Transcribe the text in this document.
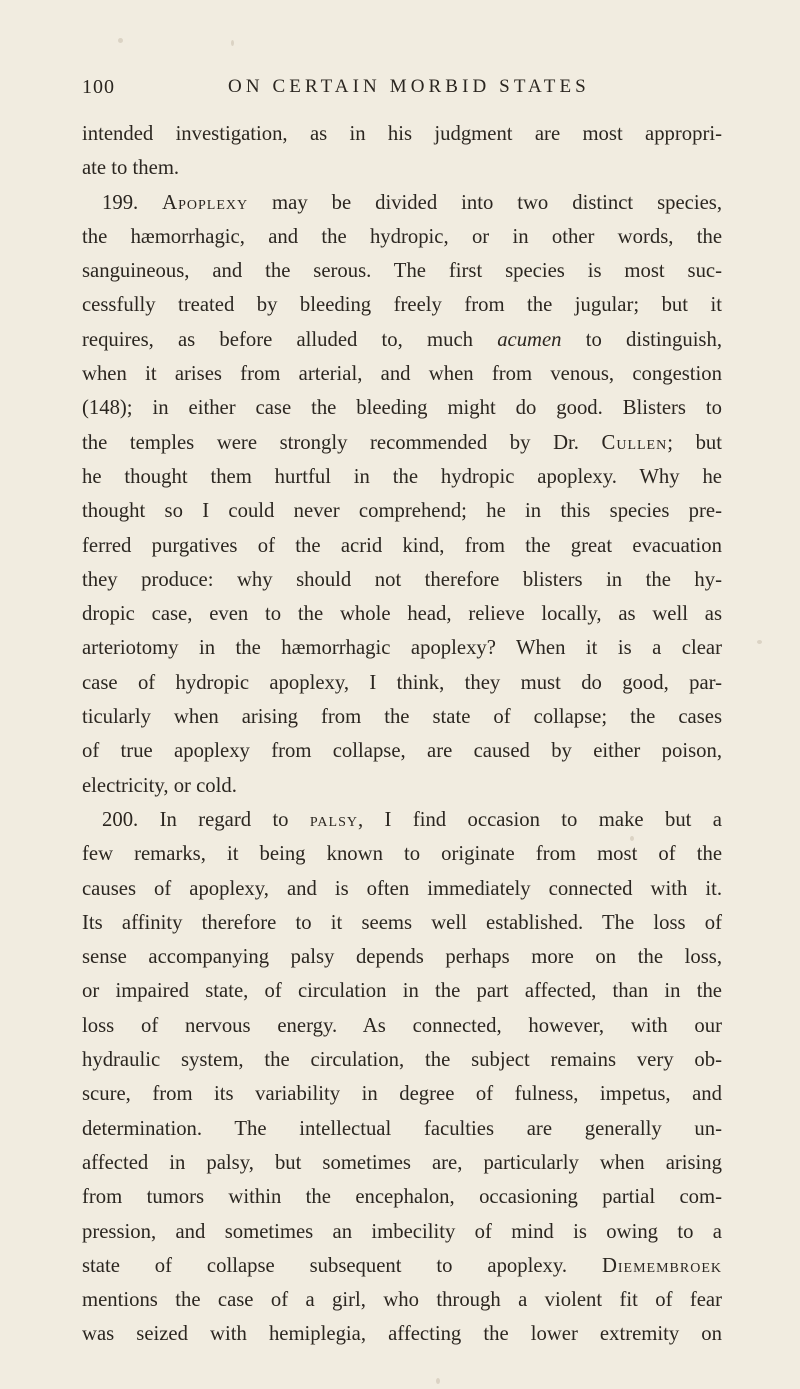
100	ON CERTAIN MORBID STATES
intended investigation, as in his judgment are most appropri-
ate to them.
199. Apoplexy may be divided into two distinct species,
the hæmorrhagic, and the hydropic, or in other words, the
sanguineous, and the serous. The first species is most suc-
cessfully treated by bleeding freely from the jugular; but it
requires, as before alluded to, much acumen to distinguish,
when it arises from arterial, and when from venous, congestion
(148); in either case the bleeding might do good. Blisters to
the temples were strongly recommended by Dr. Cullen; but
he thought them hurtful in the hydropic apoplexy. Why he
thought so I could never comprehend; he in this species pre-
ferred purgatives of the acrid kind, from the great evacuation
they produce: why should not therefore blisters in the hy-
dropic case, even to the whole head, relieve locally, as well as
arteriotomy in the hæmorrhagic apoplexy? When it is a clear
case of hydropic apoplexy, I think, they must do good, par-
ticularly when arising from the state of collapse; the cases
of true apoplexy from collapse, are caused by either poison,
electricity, or cold.
200. In regard to palsy, I find occasion to make but a
few remarks, it being known to originate from most of the
causes of apoplexy, and is often immediately connected with it.
Its affinity therefore to it seems well established. The loss of
sense accompanying palsy depends perhaps more on the loss,
or impaired state, of circulation in the part affected, than in the
loss of nervous energy. As connected, however, with our
hydraulic system, the circulation, the subject remains very ob-
scure, from its variability in degree of fulness, impetus, and
determination. The intellectual faculties are generally un-
affected in palsy, but sometimes are, particularly when arising
from tumors within the encephalon, occasioning partial com-
pression, and sometimes an imbecility of mind is owing to a
state of collapse subsequent to apoplexy. Diemembroek
mentions the case of a girl, who through a violent fit of fear
was seized with hemiplegia, affecting the lower extremity on
